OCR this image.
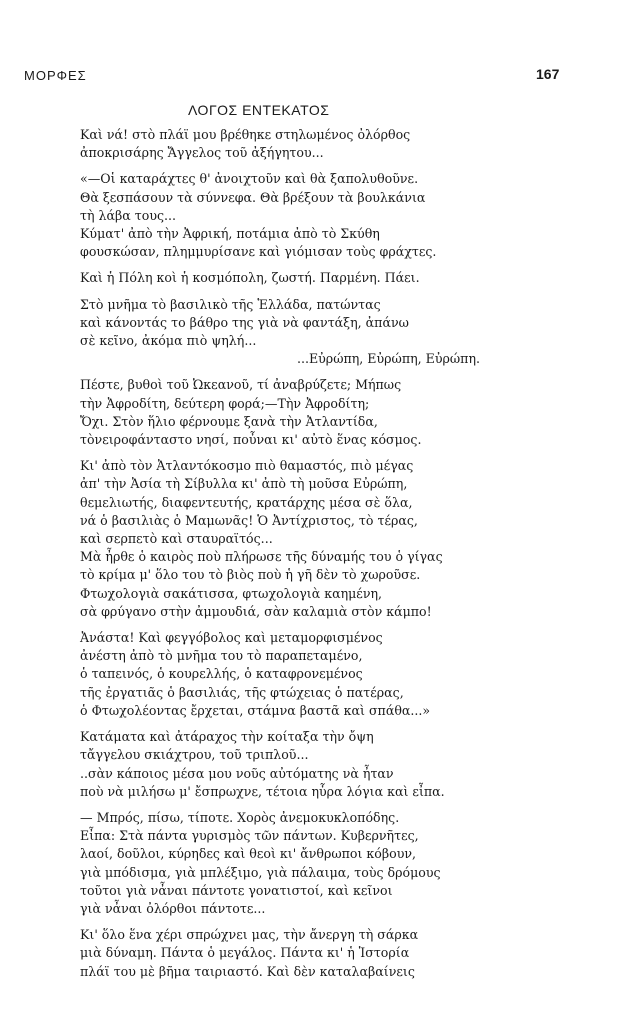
ΜΟΡΦΕΣ	167
ΛΟΓΟΣ ΕΝΤΕΚΑΤΟΣ
Καὶ νά! στὸ πλάϊ μου βρέθηκε στηλωμένος ὀλόρθος
ἀποκρισάρης Ἄγγελος τοῦ ἀξήγητου...
«—Οἱ καταράχτες θ' ἀνοιχτοῦν καὶ θὰ ξαπολυθοῦνε.
Θὰ ξεσπάσουν τὰ σύννεφα. Θὰ βρέξουν τὰ βουλκάνια
τὴ λάβα τους...
Κύματ' ἀπὸ τὴν Ἀφρική, ποτάμια ἀπὸ τὸ Σκύθη
φουσκώσαν, πλημμυρίσανε καὶ γιόμισαν τοὺς φράχτες.
Καὶ ἡ Πόλη κοὶ ἡ κοσμόπολη, ζωστή. Παρμένη. Πάει.
Στὸ μνῆμα τὸ βασιλικὸ τῆς Ἑλλάδα, πατώντας
καὶ κάνοντάς το βάθρο της γιὰ νὰ φαντάξη, ἀπάνω
σὲ κεῖνο, ἀκόμα πιὸ ψηλή...
...Εὐρώπη, Εὐρώπη, Εὐρώπη.
Πέστε, βυθοὶ τοῦ Ὠκεανοῦ, τί ἀναβρύζετε; Μήπως
τὴν Ἀφροδίτη, δεύτερη φορά;—Τὴν Ἀφροδίτη;
Ὄχι. Στὸν ἥλιο φέρνουμε ξανὰ τὴν Ἀτλαντίδα,
τὸνειροφάνταστο νησί, ποὖναι κι' αὐτὸ ἕνας κόσμος.
Κι' ἀπὸ τὸν Ἀτλαντόκοσμο πιὸ θαμαστός, πιὸ μέγας
ἀπ' τὴν Ἀσία τὴ Σίβυλλα κι' ἀπὸ τὴ μοῦσα Εὐρώπη,
θεμελιωτής, διαφεντευτής, κρατάρχης μέσα σὲ ὅλα,
νά ὁ βασιλιὰς ὁ Μαμωνᾶς! Ὁ Ἀντίχριστος, τὸ τέρας,
καὶ σερπετὸ καὶ σταυραϊτός...
Μὰ ἦρθε ὁ καιρὸς ποὺ πλήρωσε τῆς δύναμής του ὁ γίγας
τὸ κρίμα μ' ὅλο του τὸ βιὸς ποὺ ἡ γῆ δὲν τὸ χωροῦσε.
Φτωχολογιὰ σακάτισσα, φτωχολογιὰ καημένη,
σὰ φρύγανο στὴν ἀμμουδιά, σὰν καλαμιὰ στὸν κάμπο!
Ἀνάστα! Καὶ φεγγόβολος καὶ μεταμορφισμένος
ἀνέστη ἀπὸ τὸ μνῆμα του τὸ παραπεταμένο,
ὁ ταπεινός, ὁ κουρελλής, ὁ καταφρονεμένος
τῆς ἐργατιᾶς ὁ βασιλιάς, τῆς φτώχειας ὁ πατέρας,
ὁ Φτωχολέοντας ἔρχεται, στάμνα βαστᾶ καὶ σπάθα...»
Κατάματα καὶ ἀτάραχος τὴν κοίταξα τὴν ὄψη
τἄγγελου σκιάχτρου, τοῦ τριπλοῦ...
..σὰν κάποιος μέσα μου νοῦς αὐτόματης νὰ ἦταν
ποὺ νὰ μιλήσω μ' ἔσπρωχνε, τέτοια ηὗρα λόγια καὶ εἶπα.
— Μπρός, πίσω, τίποτε. Χορὸς ἀνεμοκυκλοπόδης.
Εἶπα: Στὰ πάντα γυρισμὸς τῶν πάντων. Κυβερνῆτες,
λαοί, δοῦλοι, κύρηδες καὶ θεοὶ κι' ἄνθρωποι κόβουν,
γιὰ μπόδισμα, γιὰ μπλέξιμο, γιὰ πάλαιμα, τοὺς δρόμους
τοῦτοι γιὰ νἆναι πάντοτε γονατιστοί, καὶ κεῖνοι
γιὰ νἆναι ὀλόρθοι πάντοτε...
Κι' ὅλο ἕνα χέρι σπρώχνει μας, τὴν ἄνεργη τὴ σάρκα
μιὰ δύναμη. Πάντα ὁ μεγάλος. Πάντα κι' ἡ Ἱστορία
πλάϊ του μὲ βῆμα ταιριαστό. Καὶ δὲν καταλαβαίνεις
